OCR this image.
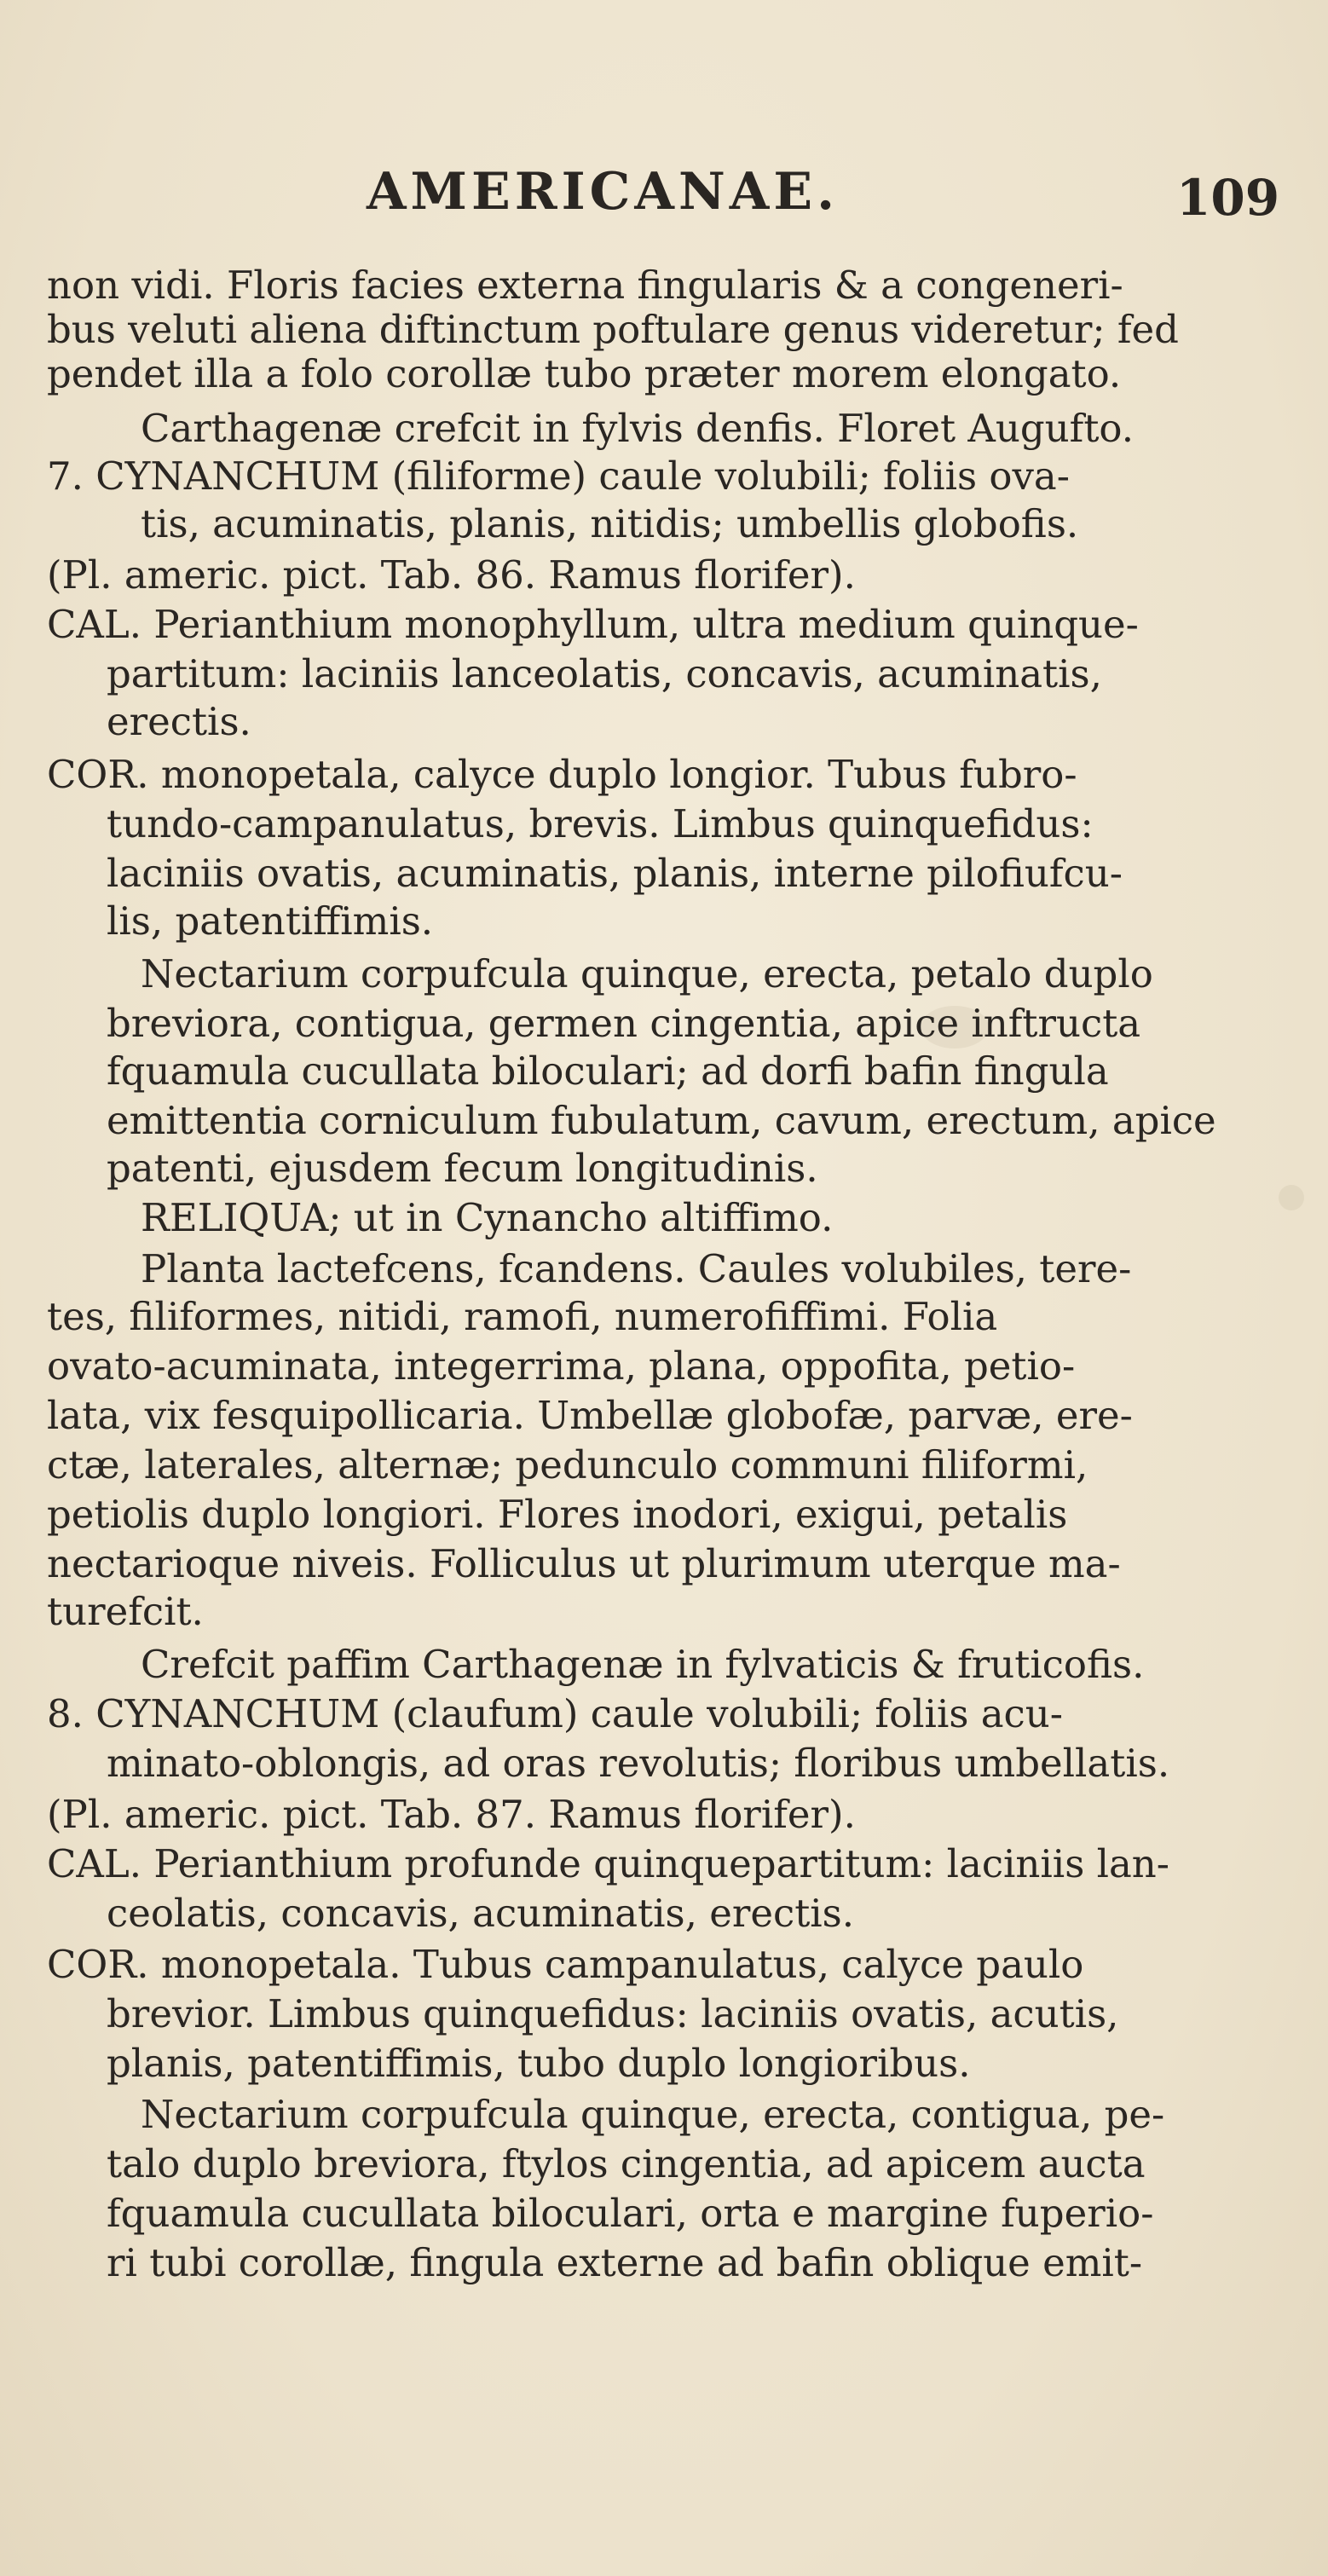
AMERICANAE.	109
non vidi. Floris facies externa fingularis & a congeneri-
bus veluti aliena diftinctum poftulare genus videretur; fed
pendet illa a folo corollæ tubo præter morem elongato.
Carthagenæ crefcit in fylvis denfis. Floret Augufto.
7. CYNANCHUM (filiforme) caule volubili; foliis ova-
tis, acuminatis, planis, nitidis; umbellis globofis.
(Pl. americ. pict. Tab. 86. Ramus florifer).
CAL. Perianthium monophyllum, ultra medium quinque-
partitum: laciniis lanceolatis, concavis, acuminatis,
erectis.
COR. monopetala, calyce duplo longior. Tubus fubro-
tundo-campanulatus, brevis. Limbus quinquefidus:
laciniis ovatis, acuminatis, planis, interne pilofiufcu-
lis, patentiffimis.
Nectarium corpufcula quinque, erecta, petalo duplo
breviora, contigua, germen cingentia, apice inftructa
fquamula cucullata biloculari; ad dorfi bafin fingula
emittentia corniculum fubulatum, cavum, erectum, apice
patenti, ejusdem fecum longitudinis.
RELIQUA; ut in Cynancho altiffimo.
Planta lactefcens, fcandens. Caules volubiles, tere-
tes, filiformes, nitidi, ramofi, numerofiffimi. Folia
ovato-acuminata, integerrima, plana, oppofita, petio-
lata, vix fesquipollicaria. Umbellæ globofæ, parvæ, ere-
ctæ, laterales, alternæ; pedunculo communi filiformi,
petiolis duplo longiori. Flores inodori, exigui, petalis
nectarioque niveis. Folliculus ut plurimum uterque ma-
turefcit.
Crefcit paffim Carthagenæ in fylvaticis & fruticofis.
8. CYNANCHUM (claufum) caule volubili; foliis acu-
minato-oblongis, ad oras revolutis; floribus umbellatis.
(Pl. americ. pict. Tab. 87. Ramus florifer).
CAL. Perianthium profunde quinquepartitum: laciniis lan-
ceolatis, concavis, acuminatis, erectis.
COR. monopetala. Tubus campanulatus, calyce paulo
brevior. Limbus quinquefidus: laciniis ovatis, acutis,
planis, patentiffimis, tubo duplo longioribus.
Nectarium corpufcula quinque, erecta, contigua, pe-
talo duplo breviora, ftylos cingentia, ad apicem aucta
fquamula cucullata biloculari, orta e margine fuperio-
ri tubi corollæ, fingula externe ad bafin oblique emit-
